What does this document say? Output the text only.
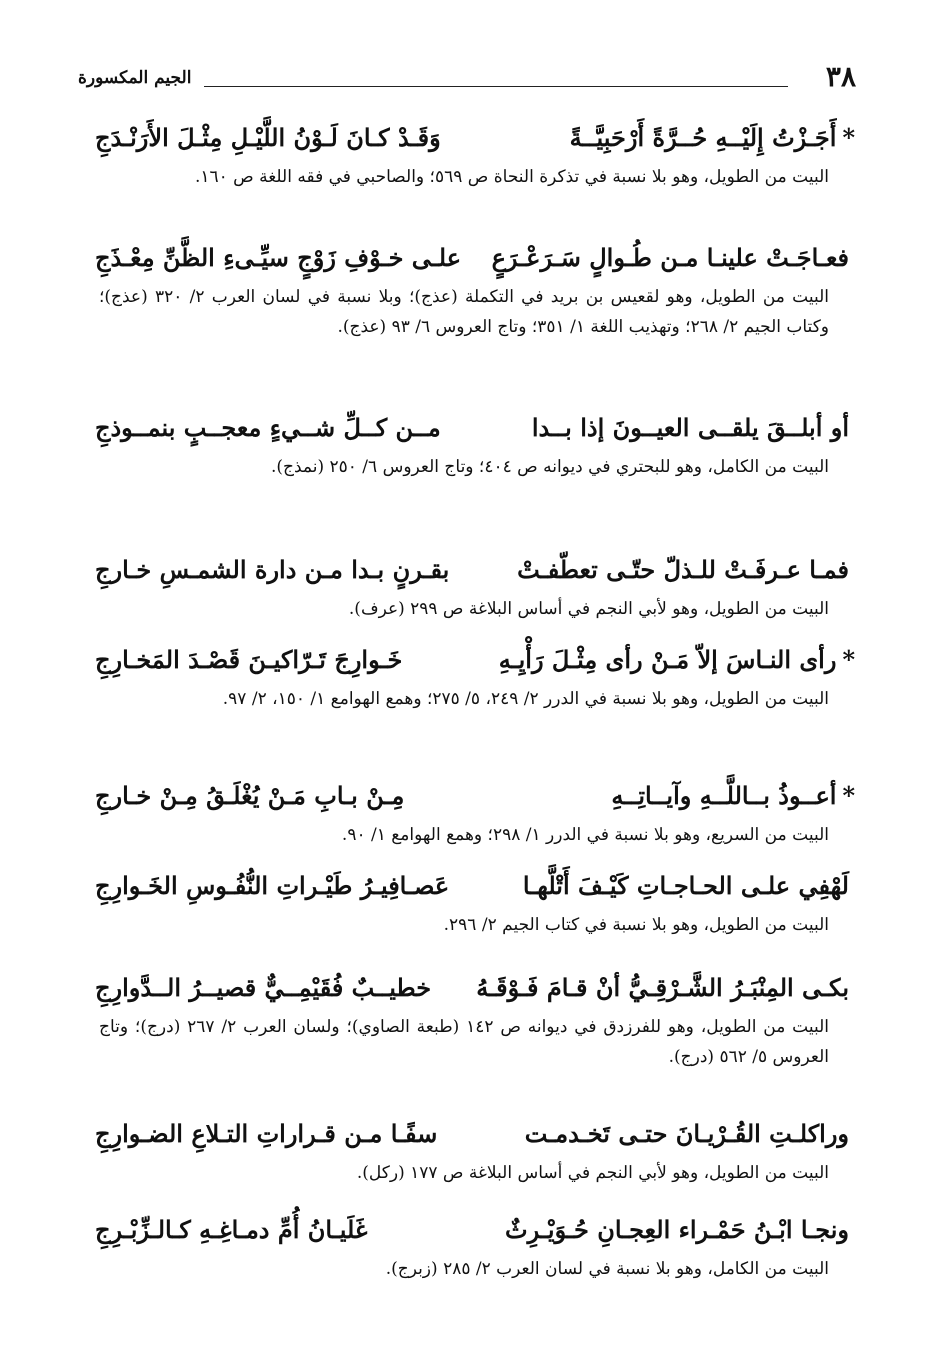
٣٨
الجيم المكسورة
*أَجَـزْتُ إِلَيْــهِ حُــرَّةً أَرْحَبِيَّــةً
وَقَـدْ كـانَ لَـوْنُ اللَّيْـلِ مِثْـلَ الأَرَنْـدَجِ
البيت من الطويل، وهو بلا نسبة في تذكرة النحاة ص ٥٦٩؛ والصاحبي في فقه اللغة ص ١٦٠.
فعـاجَـتْ علينـا مـن طُـوالٍ سَـرَعْـرَعٍ
علـى خـوْفِ زَوْجٍ سيِّـىءِ الظَّنِّ مِعْـذَجِ
البيت من الطويل، وهو لقعيس بن بريد في التكملة (عذج)؛ وبلا نسبة في لسان العرب ٢/ ٣٢٠ (عذج)؛ وكتاب الجيم ٢/ ٢٦٨؛ وتهذيب اللغة ١/ ٣٥١؛ وتاج العروس ٦/ ٩٣ (عذج).
أو أبلــقَ يلقــى العيــونَ إذا بــدا
مــن كــلِّ شــيءٍ معجــبٍ بنمــوذجِ
البيت من الكامل، وهو للبحتري في ديوانه ص ٤٠٤؛ وتاج العروس ٦/ ٢٥٠ (نمذج).
فمـا عـرفَـتْ للـذلّ حتّـى تعطّفـتْ
بقـرنٍ بـدا مـن دارة الشمـسِ خـارجِ
البيت من الطويل، وهو لأبي النجم في أساس البلاغة ص ٢٩٩ (عرف).
*رأى النـاسَ إلاّ مَـنْ رأى مِثْـلَ رَأْيِـهِ
خَـوارِجَ تَـرّاكيـنَ قَصْـدَ المَخـارِجِ
البيت من الطويل، وهو بلا نسبة في الدرر ٢/ ٢٤٩، ٥/ ٢٧٥؛ وهمع الهوامع ١/ ١٥٠، ٢/ ٩٧.
*أعــوذُ بــاللَّــهِ وآيــاتِــهِ
مِـنْ بـابِ مَـنْ يُغْلَـقُ مِـنْ خـارجِ
البيت من السريع، وهو بلا نسبة في الدرر ١/ ٢٩٨؛ وهمع الهوامع ١/ ٩٠.
لَهْفِي علـى الحـاجـاتِ كَيْـفَ أَتْلَّهـا
عَصـافِيـرُ طَيْـراتِ النُّفُـوسِ الخَـوارِجِ
البيت من الطويل، وهو بلا نسبة في كتاب الجيم ٢/ ٢٩٦.
بكـى المِنْبَـرُ الشَّـرْقِـيُّ أنْ قـامَ فَـوْقَـهُ
خطيــبٌ فُقَيْمِــيٌّ قصيــرُ الــدَّوارِجِ
البيت من الطويل، وهو للفرزدق في ديوانه ص ١٤٢ (طبعة الصاوي)؛ ولسان العرب ٢/ ٢٦٧ (درج)؛ وتاج العروس ٥/ ٥٦٢ (درج).
وراكلـتِ القُـرْيـانَ حتـى تَخـدمـت
سفًـا مـن قـراراتِ التـلاعِ الضـوارِجِ
البيت من الطويل، وهو لأبي النجم في أساس البلاغة ص ١٧٧ (ركل).
ونجـا ابْـنُ حَمْـراء العِجـانِ حُـوَيْـرِثٌ
غَلَيـانُ أُمِّ دمـاغِـهِ كـالـزِّبْـرِجِ
البيت من الكامل، وهو بلا نسبة في لسان العرب ٢/ ٢٨٥ (زبرج).
